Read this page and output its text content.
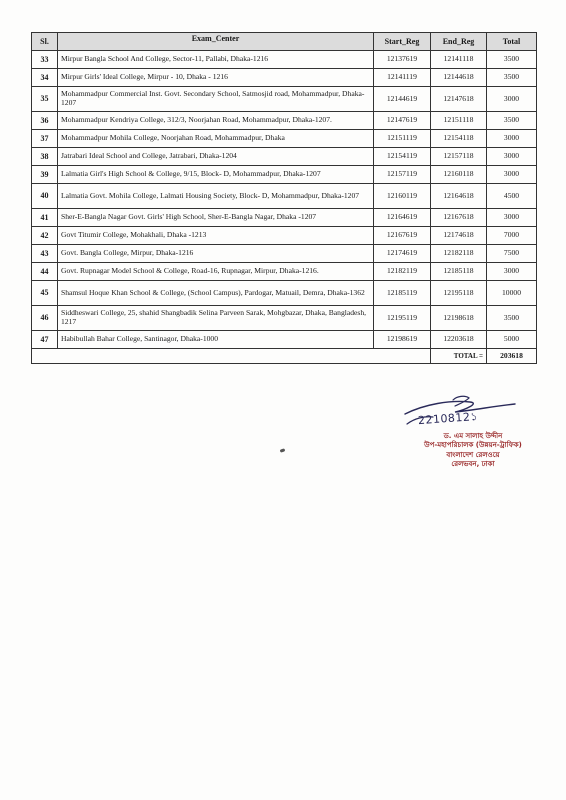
Sl.	Exam_Center	Start_Reg	End_Reg	Total
33	Mirpur Bangla School And College, Sector-11, Pallabi, Dhaka-1216	12137619	12141118	3500
34	Mirpur Girls' Ideal College, Mirpur - 10, Dhaka - 1216	12141119	12144618	3500
35	Mohammadpur Commercial Inst. Govt. Secondary School, Satmosjid road, Mohammadpur, Dhaka- 1207	12144619	12147618	3000
36	Mohammadpur Kendriya College, 312/3, Noorjahan Road, Mohammadpur, Dhaka-1207.	12147619	12151118	3500
37	Mohammadpur Mohila College, Noorjahan Road, Mohammadpur, Dhaka	12151119	12154118	3000
38	Jatrabari Ideal School and College, Jatrabari, Dhaka-1204	12154119	12157118	3000
39	Lalmatia Girl's High School & College, 9/15, Block- D, Mohammadpur, Dhaka-1207	12157119	12160118	3000
40	Lalmatia Govt. Mohila College, Lalmati Housing Society, Block- D, Mohammadpur, Dhaka-1207	12160119	12164618	4500
41	Sher-E-Bangla Nagar Govt. Girls' High School, Sher-E-Bangla Nagar, Dhaka -1207	12164619	12167618	3000
42	Govt Titumir College, Mohakhali, Dhaka -1213	12167619	12174618	7000
43	Govt. Bangla College, Mirpur, Dhaka-1216	12174619	12182118	7500
44	Govt. Rupnagar Model School & College, Road-16, Rupnagar, Mirpur, Dhaka-1216.	12182119	12185118	3000
45	Shamsul Hoque Khan School & College, (School Campus), Pardogar, Matuail, Demra, Dhaka-1362	12185119	12195118	10000
46	Siddheswari College, 25, shahid Shangbadik Selina Parveen Sarak, Mohgbazar, Dhaka, Bangladesh, 1217	12195119	12198618	3500
47	Habibullah Bahar College, Santinagor, Dhaka-1000	12198619	12203618	5000
			TOTAL =	203618
2210812১
ড. এম সালাহ উদ্দীন
উপ-মহাপরিচালক (উন্নয়ন-ট্রাফিক)
বাংলাদেশ রেলওয়ে
রেলভবন, ঢাকা
